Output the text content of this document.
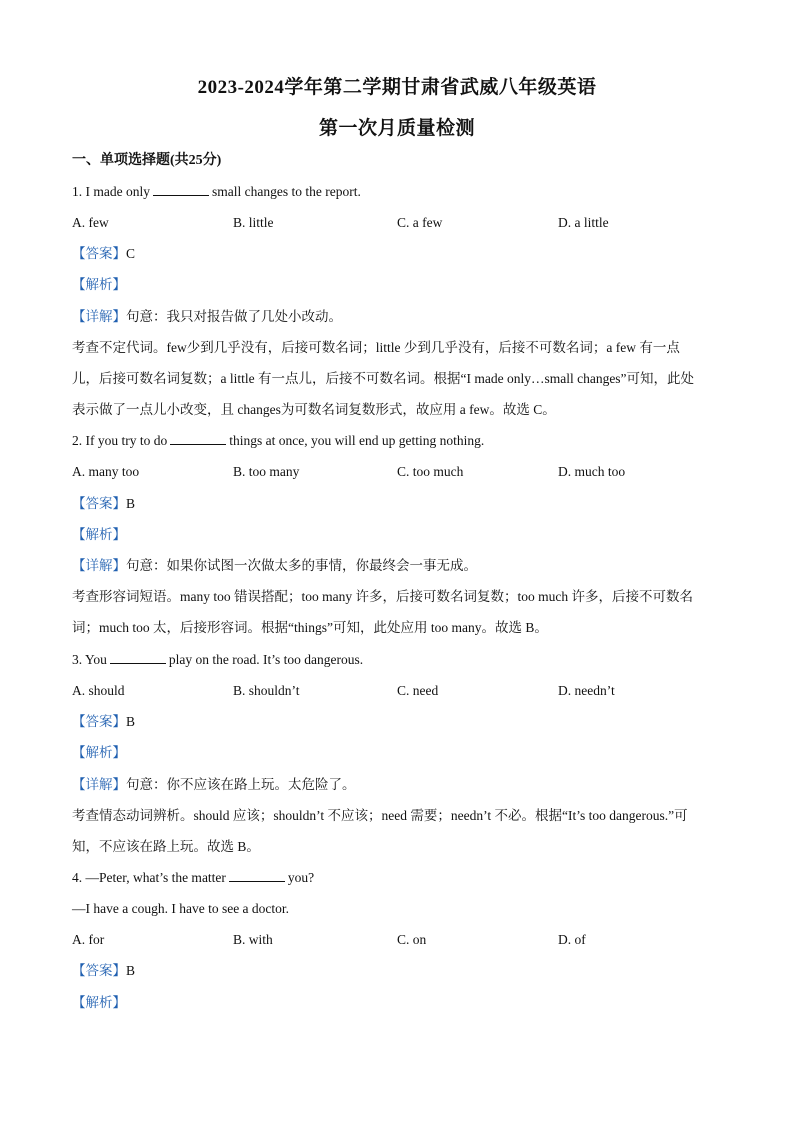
2023-2024学年第二学期甘肃省武威八年级英语
第一次月质量检测
一、单项选择题(共25分)
1. I made only	small changes to the report.
A. few	B. little	C. a few	D. a little
【答案】C
【解析】
【详解】句意：我只对报告做了几处小改动。
考查不定代词。few少到几乎没有，后接可数名词；little 少到几乎没有，后接不可数名词；a few 有一点
儿，后接可数名词复数；a little 有一点儿，后接不可数名词。根据“I made only…small changes”可知，此处
表示做了一点儿小改变，且 changes为可数名词复数形式，故应用 a few。故选 C。
2. If you try to do	things at once, you will end up getting nothing.
A. many too	B. too many	C. too much	D. much too
【答案】B
【解析】
【详解】句意：如果你试图一次做太多的事情，你最终会一事无成。
考查形容词短语。many too 错误搭配；too many 许多，后接可数名词复数；too much 许多，后接不可数名
词；much too 太，后接形容词。根据“things”可知，此处应用 too many。故选 B。
3. You	play on the road. It’s too dangerous.
A. should	B. shouldn’t	C. need	D. needn’t
【答案】B
【解析】
【详解】句意：你不应该在路上玩。太危险了。
考查情态动词辨析。should 应该；shouldn’t 不应该；need 需要；needn’t 不必。根据“It’s too dangerous.”可
知，不应该在路上玩。故选 B。
4. —Peter, what’s the matter	you?
—I have a cough. I have to see a doctor.
A. for	B. with	C. on	D. of
【答案】B
【解析】
